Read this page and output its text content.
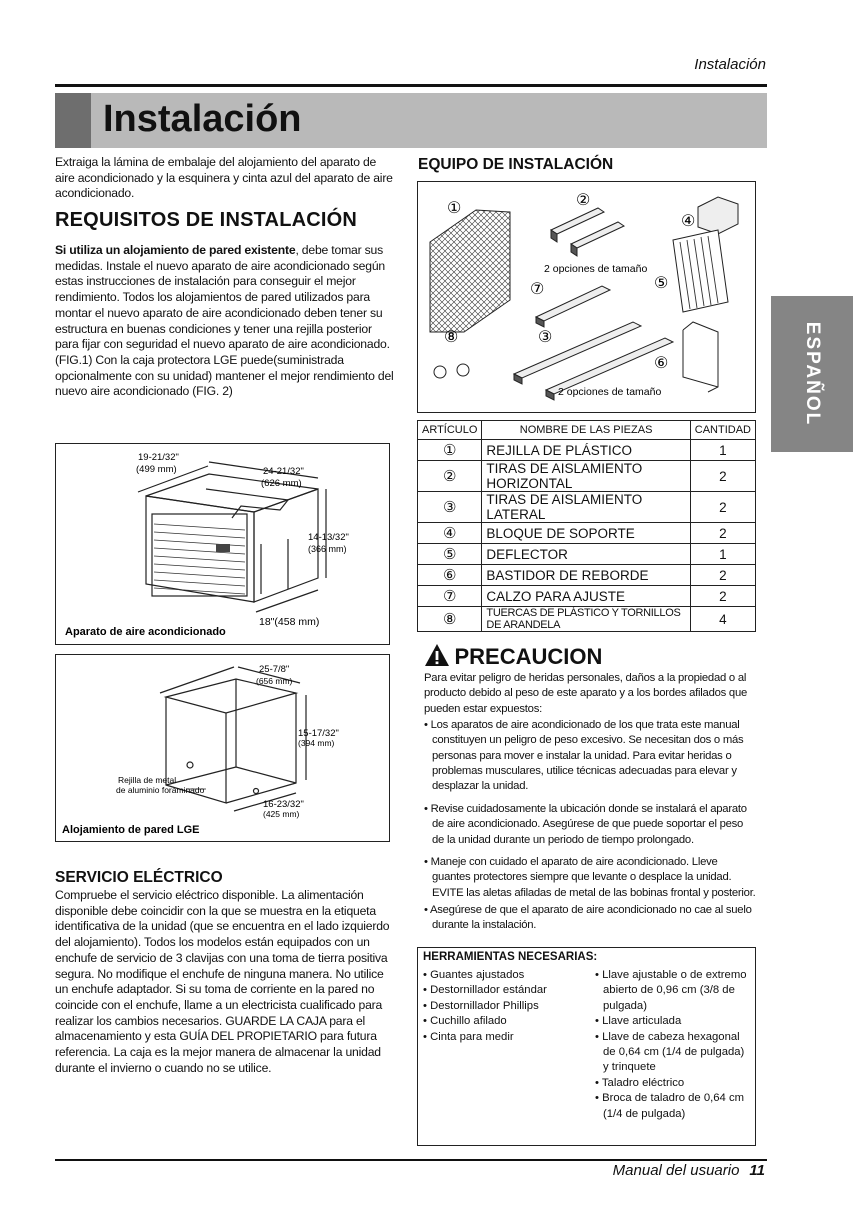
Instalación
Instalación
Extraiga la lámina de embalaje del alojamiento del aparato de aire acondicionado y la esquinera y cinta azul del aparato de aire acondicionado.
REQUISITOS DE INSTALACIÓN
Si utiliza un alojamiento de pared existente, debe tomar sus medidas. Instale el nuevo aparato de aire acondicionado según estas instrucciones de instalación para conseguir el mejor rendimiento. Todos los alojamientos de pared utilizados para montar el nuevo aparato de aire acondicionado deben tener su estructura en buenas condiciones y tener una rejilla posterior para fijar con seguridad el nuevo aparato de aire acondicionado. (FIG.1) Con la caja protectora LGE puede(suministrada opcionalmente con su unidad) mantener el mejor rendimiento del nuevo aire acondicionado (FIG. 2)
19-21/32"
(499 mm)	24-21/32"
(626 mm)
14-13/32"
(366 mm)
18"(458 mm)
Aparato de aire acondicionado
25-7/8"
(656 mm)
15-17/32"
(394 mm)
16-23/32"
(425 mm)
Rejilla de metal
de aluminio foraminado
Alojamiento de pared LGE
SERVICIO ELÉCTRICO
Compruebe el servicio eléctrico disponible. La alimentación disponible debe coincidir con la que se muestra en la etiqueta identificativa de la unidad (que se encuentra en el lado izquierdo del alojamiento). Todos los modelos están equipados con un enchufe de servicio de 3 clavijas con una toma de tierra positiva segura. No modifique el enchufe de ninguna manera. No utilice un enchufe adaptador. Si su toma de corriente en la pared no coincide con el enchufe, llame a un electricista cualificado para realizar los cambios necesarios. GUARDE LA CAJA para el almacenamiento y esta GUÍA DEL PROPIETARIO para futura referencia. La caja es la mejor manera de almacenar la unidad durante el invierno o cuando no se utilice.
EQUIPO DE INSTALACIÓN
①	②
④
⑤
⑦
⑧	③
⑥
2 opciones de tamaño
2 opciones de tamaño	ESPAÑOL
ARTÍCULO	NOMBRE DE LAS PIEZAS	CANTIDAD
①	REJILLA DE PLÁSTICO	1
②	TIRAS DE AISLAMIENTO HORIZONTAL	2
③	TIRAS DE AISLAMIENTO LATERAL	2
④	BLOQUE DE SOPORTE	2
⑤	DEFLECTOR	1
⑥	BASTIDOR DE REBORDE	2
⑦	CALZO PARA AJUSTE	2
⑧	TUERCAS DE PLÁSTICO Y TORNILLOS DE ARANDELA	4
PRECAUCION
Para evitar peligro de heridas personales, daños a la propiedad o al producto debido al peso de este aparato y a los bordes afilados que pueden estar expuestos:
• Los aparatos de aire acondicionado de los que trata este manual constituyen un peligro de peso excesivo. Se necesitan dos o más personas para mover e instalar la unidad. Para evitar heridas o problemas musculares, utilice técnicas adecuadas para elevar y desplazar la unidad.
• Revise cuidadosamente la ubicación donde se instalará el aparato de aire acondicionado. Asegúrese de que puede soportar el peso de la unidad durante un periodo de tiempo prolongado.
• Maneje con cuidado el aparato de aire acondicionado. Lleve guantes protectores siempre que levante o desplace la unidad. EVITE las aletas afiladas de metal de las bobinas frontal y posterior.
• Asegúrese de que el aparato de aire acondicionado no cae al suelo durante la instalación.
HERRAMIENTAS NECESARIAS:
• Guantes ajustados
• Destornillador estándar
• Destornillador Phillips
• Cuchillo afilado
• Cinta para medir
• Llave ajustable o de extremo abierto de 0,96 cm (3/8 de pulgada)
• Llave articulada
• Llave de cabeza hexagonal de 0,64 cm (1/4 de pulgada) y trinquete
• Taladro eléctrico
• Broca de taladro de 0,64 cm (1/4 de pulgada)
Manual del usuario 11
